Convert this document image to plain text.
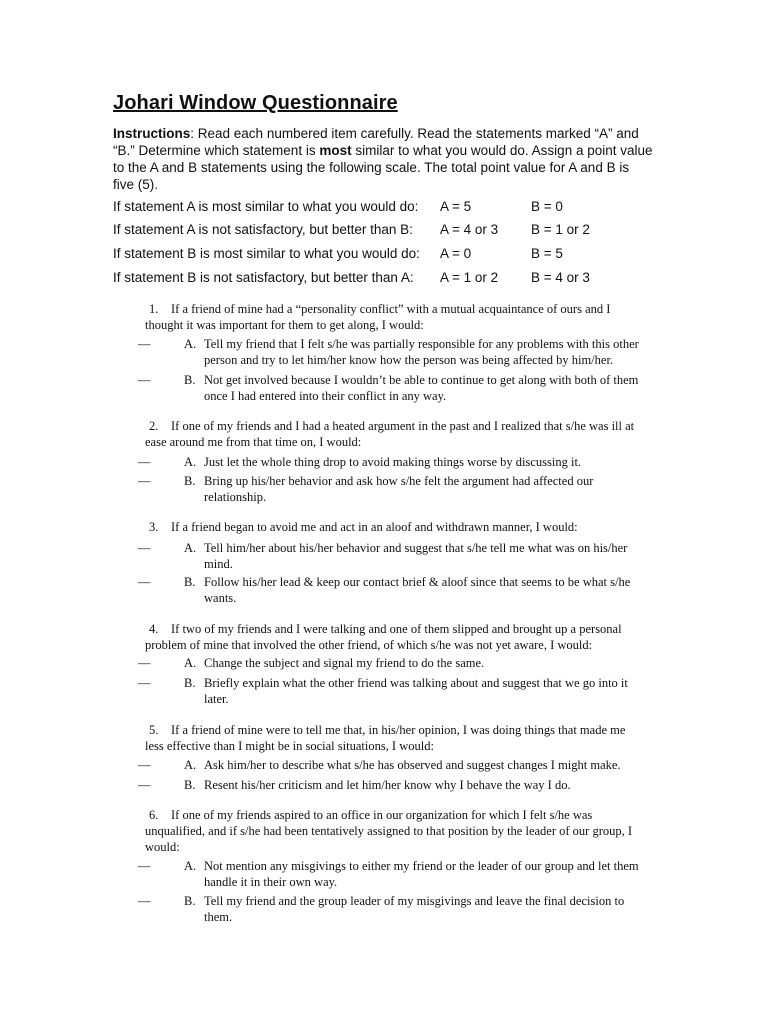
Johari Window Questionnaire
Instructions: Read each numbered item carefully. Read the statements marked “A” and “B.” Determine which statement is most similar to what you would do. Assign a point value to the A and B statements using the following scale. The total point value for A and B is five (5).
If statement A is most similar to what you would do: A = 5	B = 0
If statement A is not satisfactory, but better than B: A = 4 or 3 B = 1 or 2
If statement B is most similar to what you would do: A = 0	B = 5
If statement B is not satisfactory, but better than A: A = 1 or 2 B = 4 or 3
1. If a friend of mine had a “personality conflict” with a mutual acquaintance of ours and I thought it was important for them to get along, I would:
—	A. Tell my friend that I felt s/he was partially responsible for any problems with this other person and try to let him/her know how the person was being affected by him/her.
—	B. Not get involved because I wouldn’t be able to continue to get along with both of them once I had entered into their conflict in any way.
2. If one of my friends and I had a heated argument in the past and I realized that s/he was ill at ease around me from that time on, I would:
—	A. Just let the whole thing drop to avoid making things worse by discussing it.
—	B. Bring up his/her behavior and ask how s/he felt the argument had affected our relationship.
3. If a friend began to avoid me and act in an aloof and withdrawn manner, I would:
—	A. Tell him/her about his/her behavior and suggest that s/he tell me what was on his/her mind.
—	B. Follow his/her lead & keep our contact brief & aloof since that seems to be what s/he wants.
4. If two of my friends and I were talking and one of them slipped and brought up a personal problem of mine that involved the other friend, of which s/he was not yet aware, I would:
—	A. Change the subject and signal my friend to do the same.
—	B. Briefly explain what the other friend was talking about and suggest that we go into it later.
5. If a friend of mine were to tell me that, in his/her opinion, I was doing things that made me less effective than I might be in social situations, I would:
—	A. Ask him/her to describe what s/he has observed and suggest changes I might make.
—	B. Resent his/her criticism and let him/her know why I behave the way I do.
6. If one of my friends aspired to an office in our organization for which I felt s/he was unqualified, and if s/he had been tentatively assigned to that position by the leader of our group, I would:
—	A. Not mention any misgivings to either my friend or the leader of our group and let them handle it in their own way.
—	B. Tell my friend and the group leader of my misgivings and leave the final decision to them.
